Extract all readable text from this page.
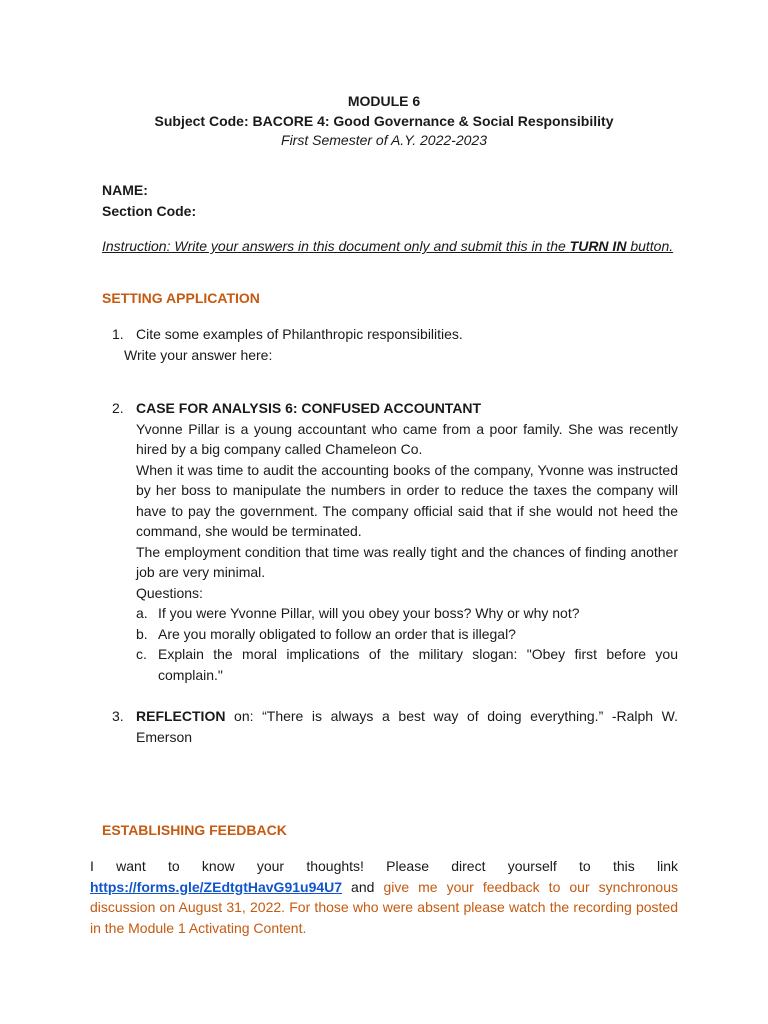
MODULE 6
Subject Code: BACORE 4: Good Governance & Social Responsibility
First Semester of A.Y. 2022-2023
NAME:
Section Code:
Instruction: Write your answers in this document only and submit this in the TURN IN button.
SETTING APPLICATION
1. Cite some examples of Philanthropic responsibilities.

Write your answer here:
2. CASE FOR ANALYSIS 6: CONFUSED ACCOUNTANT

Yvonne Pillar is a young accountant who came from a poor family. She was recently hired by a big company called Chameleon Co.

When it was time to audit the accounting books of the company, Yvonne was instructed by her boss to manipulate the numbers in order to reduce the taxes the company will have to pay the government. The company official said that if she would not heed the command, she would be terminated.

The employment condition that time was really tight and the chances of finding another job are very minimal.

Questions:

a. If you were Yvonne Pillar, will you obey your boss? Why or why not?
b. Are you morally obligated to follow an order that is illegal?
c. Explain the moral implications of the military slogan: "Obey first before you complain."
3. REFLECTION on: “There is always a best way of doing everything.” -Ralph W. Emerson
ESTABLISHING FEEDBACK
I want to know your thoughts! Please direct yourself to this link https://forms.gle/ZEdtgtHavG91u94U7 and give me your feedback to our synchronous discussion on August 31, 2022. For those who were absent please watch the recording posted in the Module 1 Activating Content.
